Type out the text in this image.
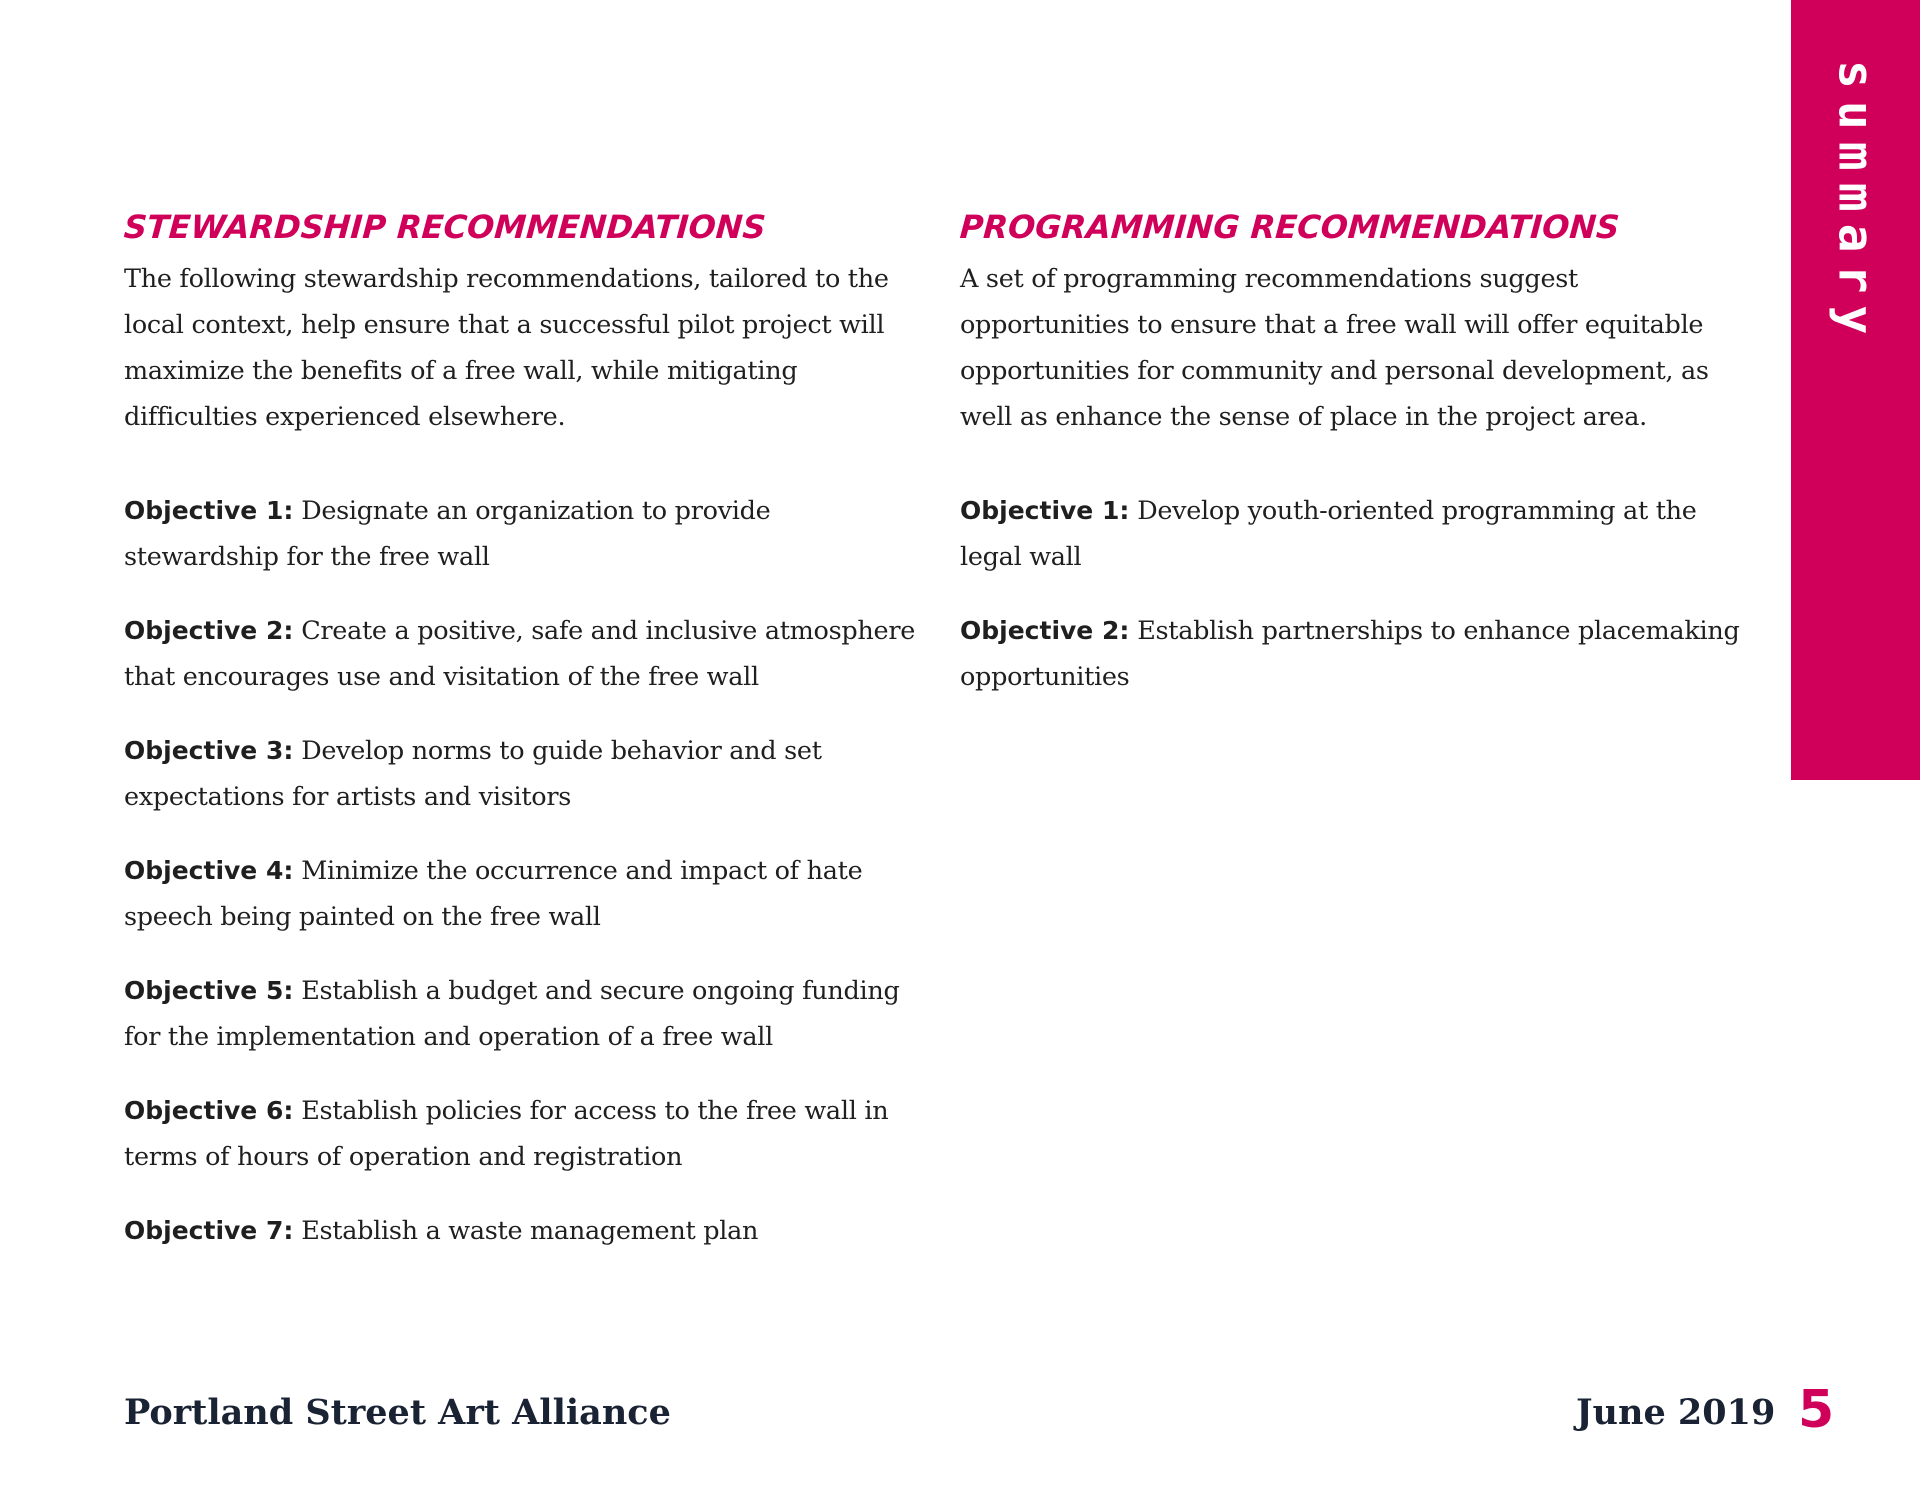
summary
STEWARDSHIP RECOMMENDATIONS

The following stewardship recommendations, tailored to the local context, help ensure that a successful pilot project will maximize the benefits of a free wall, while mitigating difficulties experienced elsewhere.

Objective 1: Designate an organization to provide stewardship for the free wall
Objective 2: Create a positive, safe and inclusive atmosphere that encourages use and visitation of the free wall
Objective 3: Develop norms to guide behavior and set expectations for artists and visitors
Objective 4: Minimize the occurrence and impact of hate speech being painted on the free wall
Objective 5: Establish a budget and secure ongoing funding for the implementation and operation of a free wall
Objective 6: Establish policies for access to the free wall in terms of hours of operation and registration
Objective 7: Establish a waste management plan
PROGRAMMING RECOMMENDATIONS

A set of programming recommendations suggest opportunities to ensure that a free wall will offer equitable opportunities for community and personal development, as well as enhance the sense of place in the project area.

Objective 1: Develop youth-oriented programming at the legal wall
Objective 2: Establish partnerships to enhance placemaking opportunities
Portland Street Art Alliance	June 2019 5
